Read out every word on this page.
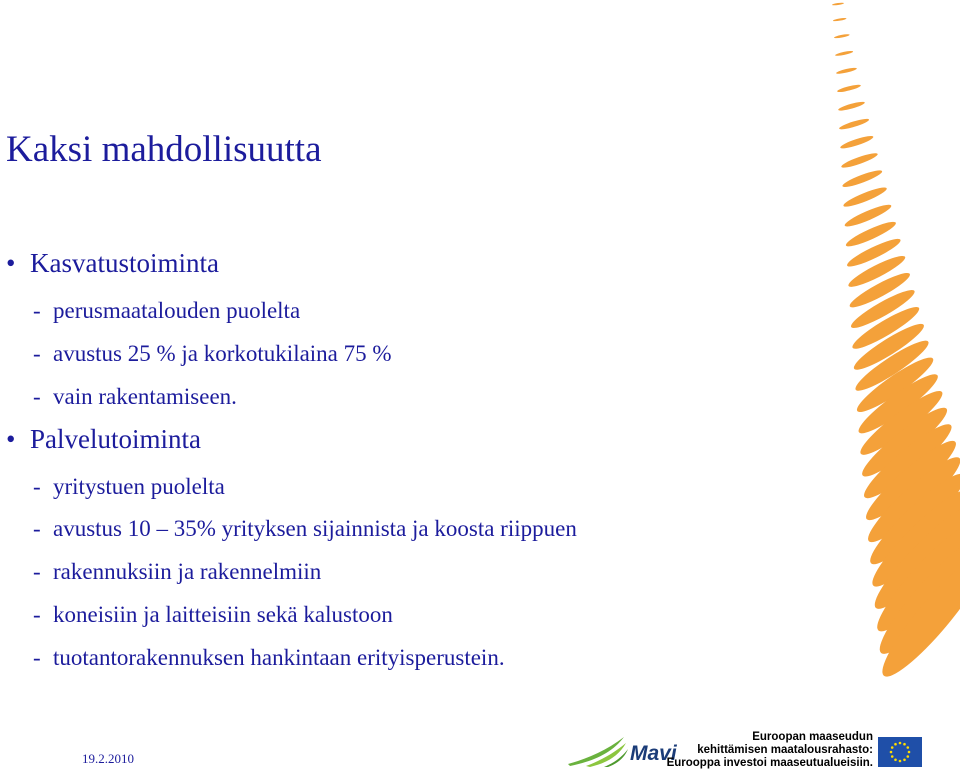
Kaksi mahdollisuutta
• Kasvatustoiminta
- perusmaatalouden puolelta
- avustus 25 % ja korkotukilaina 75 %
- vain rakentamiseen.
• Palvelutoiminta
- yritystuen puolelta
- avustus 10 – 35% yrityksen sijainnista ja koosta riippuen
- rakennuksiin ja rakennelmiin
- koneisiin ja laitteisiin sekä kalustoon
- tuotantorakennuksen hankintaan erityisperustein.
19.2.2010	Mavi
Euroopan maaseudun
kehittämisen maatalousrahasto:
Eurooppa investoi maaseutualueisiin.
